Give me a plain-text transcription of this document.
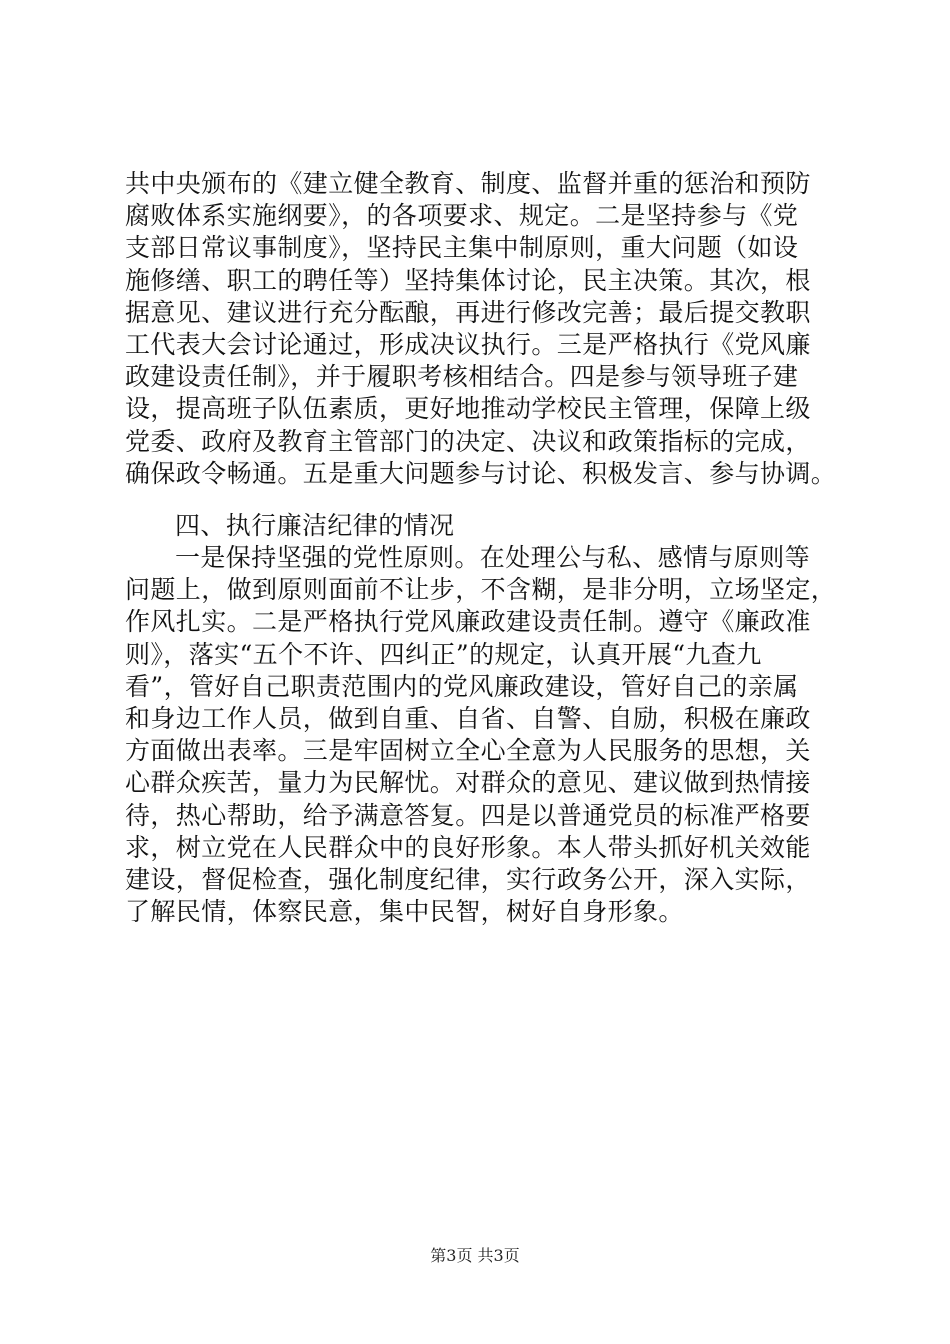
共中央颁布的《建立健全教育、制度、监督并重的惩治和预防
腐败体系实施纲要》，的各项要求、规定。二是坚持参与《党
支部日常议事制度》，坚持民主集中制原则，重大问题（如设
施修缮、职工的聘任等）坚持集体讨论，民主决策。其次，根
据意见、建议进行充分酝酿，再进行修改完善；最后提交教职
工代表大会讨论通过，形成决议执行。三是严格执行《党风廉
政建设责任制》，并于履职考核相结合。四是参与领导班子建
设，提高班子队伍素质，更好地推动学校民主管理，保障上级
党委、政府及教育主管部门的决定、决议和政策指标的完成，
确保政令畅通。五是重大问题参与讨论、积极发言、参与协调。
四、执行廉洁纪律的情况
一是保持坚强的党性原则。在处理公与私、感情与原则等
问题上，做到原则面前不让步，不含糊，是非分明，立场坚定，
作风扎实。二是严格执行党风廉政建设责任制。遵守《廉政准
则》，落实“五个不许、四纠正”的规定，认真开展“九查九
看”，管好自己职责范围内的党风廉政建设，管好自己的亲属
和身边工作人员，做到自重、自省、自警、自励，积极在廉政
方面做出表率。三是牢固树立全心全意为人民服务的思想，关
心群众疾苦，量力为民解忧。对群众的意见、建议做到热情接
待，热心帮助，给予满意答复。四是以普通党员的标准严格要
求，树立党在人民群众中的良好形象。本人带头抓好机关效能
建设，督促检查，强化制度纪律，实行政务公开，深入实际，
了解民情，体察民意，集中民智，树好自身形象。
第3页 共3页
